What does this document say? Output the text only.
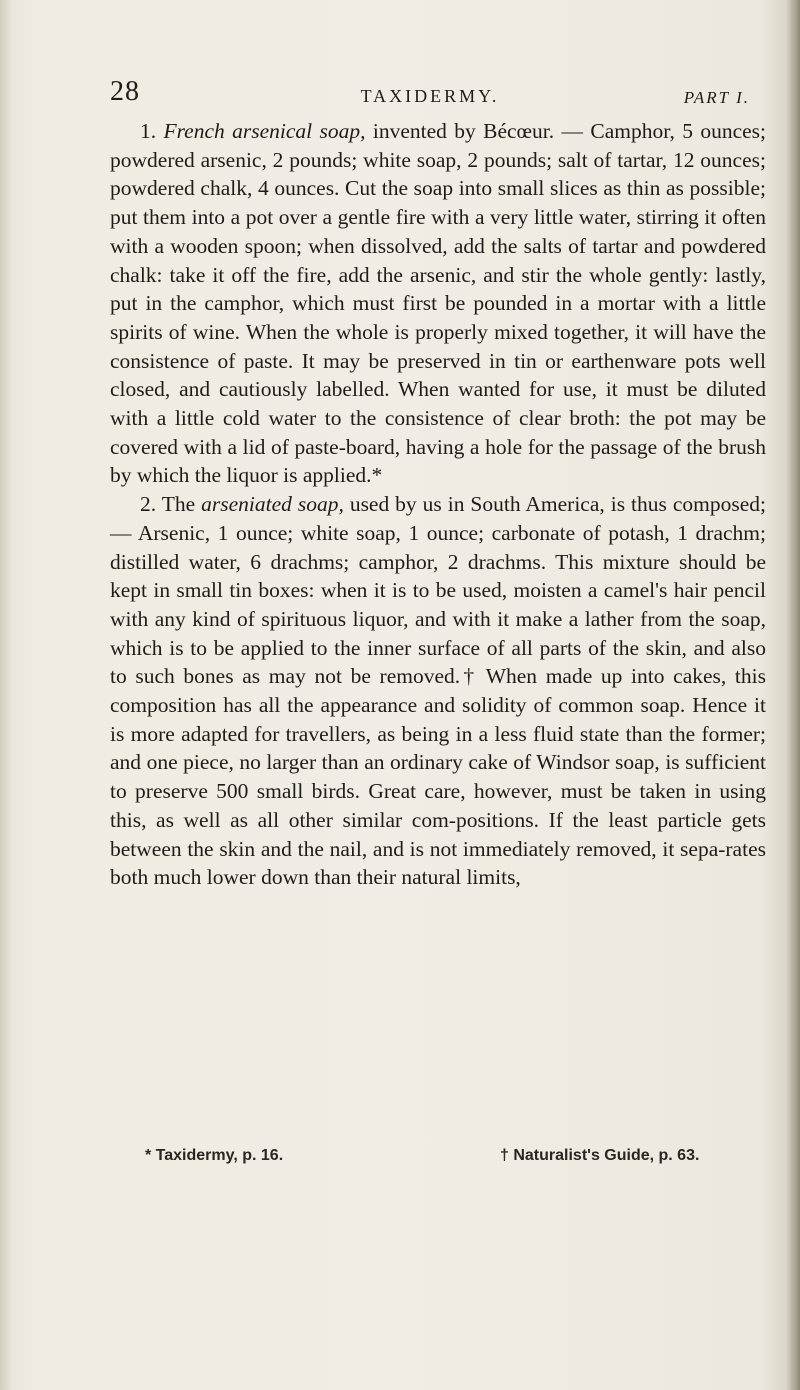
28	TAXIDERMY.	PART I.

1. French arsenical soap, invented by Bécœur. — Camphor, 5 ounces; powdered arsenic, 2 pounds; white soap, 2 pounds; salt of tartar, 12 ounces; powdered chalk, 4 ounces. Cut the soap into small slices as thin as possible; put them into a pot over a gentle fire with a very little water, stirring it often with a wooden spoon; when dissolved, add the salts of tartar and powdered chalk: take it off the fire, add the arsenic, and stir the whole gently: lastly, put in the camphor, which must first be pounded in a mortar with a little spirits of wine. When the whole is properly mixed together, it will have the consistence of paste. It may be preserved in tin or earthenware pots well closed, and cautiously labelled. When wanted for use, it must be diluted with a little cold water to the consistence of clear broth: the pot may be covered with a lid of paste-board, having a hole for the passage of the brush by which the liquor is applied.*

2. The arseniated soap, used by us in South America, is thus composed; — Arsenic, 1 ounce; white soap, 1 ounce; carbonate of potash, 1 drachm; distilled water, 6 drachms; camphor, 2 drachms. This mixture should be kept in small tin boxes: when it is to be used, moisten a camel's hair pencil with any kind of spirituous liquor, and with it make a lather from the soap, which is to be applied to the inner surface of all parts of the skin, and also to such bones as may not be removed.† When made up into cakes, this composition has all the appearance and solidity of common soap. Hence it is more adapted for travellers, as being in a less fluid state than the former; and one piece, no larger than an ordinary cake of Windsor soap, is sufficient to preserve 500 small birds. Great care, however, must be taken in using this, as well as all other similar com-positions. If the least particle gets between the skin and the nail, and is not immediately removed, it sepa-rates both much lower down than their natural limits,

* Taxidermy, p. 16.	† Naturalist's Guide, p. 63.
